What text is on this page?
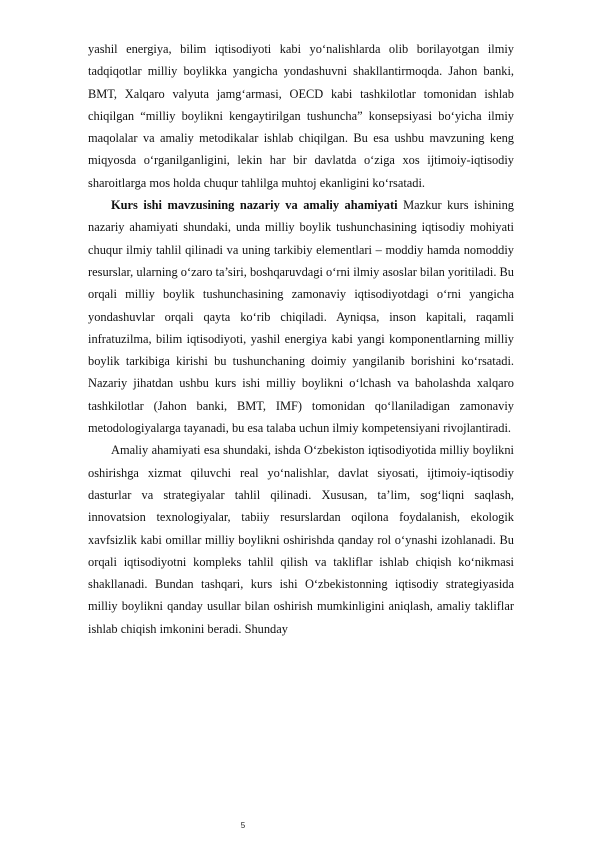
yashil energiya, bilim iqtisodiyoti kabi yo‘nalishlarda olib borilayotgan ilmiy tadqiqotlar milliy boylikka yangicha yondashuvni shakllantirmoqda. Jahon banki, BMT, Xalqaro valyuta jamg‘armasi, OECD kabi tashkilotlar tomonidan ishlab chiqilgan “milliy boylikni kengaytirilgan tushuncha” konsepsiyasi bo‘yicha ilmiy maqolalar va amaliy metodikalar ishlab chiqilgan. Bu esa ushbu mavzuning keng miqyosda o‘rganilganligini, lekin har bir davlatda o‘ziga xos ijtimoiy-iqtisodiy sharoitlarga mos holda chuqur tahlilga muhtoj ekanligini ko‘rsatadi.

Kurs ishi mavzusining nazariy va amaliy ahamiyati Mazkur kurs ishining nazariy ahamiyati shundaki, unda milliy boylik tushunchasining iqtisodiy mohiyati chuqur ilmiy tahlil qilinadi va uning tarkibiy elementlari – moddiy hamda nomoddiy resurslar, ularning o‘zaro ta’siri, boshqaruvdagi o‘rni ilmiy asoslar bilan yoritiladi. Bu orqali milliy boylik tushunchasining zamonaviy iqtisodiyotdagi o‘rni yangicha yondashuvlar orqali qayta ko‘rib chiqiladi. Ayniqsa, inson kapitali, raqamli infratuzilma, bilim iqtisodiyoti, yashil energiya kabi yangi komponentlarning milliy boylik tarkibiga kirishi bu tushunchaning doimiy yangilanib borishini ko‘rsatadi. Nazariy jihatdan ushbu kurs ishi milliy boylikni o‘lchash va baholashda xalqaro tashkilotlar (Jahon banki, BMT, IMF) tomonidan qo‘llaniladigan zamonaviy metodologiyalarga tayanadi, bu esa talaba uchun ilmiy kompetensiyani rivojlantiradi.

Amaliy ahamiyati esa shundaki, ishda O‘zbekiston iqtisodiyotida milliy boylikni oshirishga xizmat qiluvchi real yo‘nalishlar, davlat siyosati, ijtimoiy-iqtisodiy dasturlar va strategiyalar tahlil qilinadi. Xususan, ta’lim, sog‘liqni saqlash, innovatsion texnologiyalar, tabiiy resurslardan oqilona foydalanish, ekologik xavfsizlik kabi omillar milliy boylikni oshirishda qanday rol o‘ynashi izohlanadi. Bu orqali iqtisodiyotni kompleks tahlil qilish va takliflar ishlab chiqish ko‘nikmasi shakllanadi. Bundan tashqari, kurs ishi O‘zbekistonning iqtisodiy strategiyasida milliy boylikni qanday usullar bilan oshirish mumkinligini aniqlash, amaliy takliflar ishlab chiqish imkonini beradi. Shunday

5
